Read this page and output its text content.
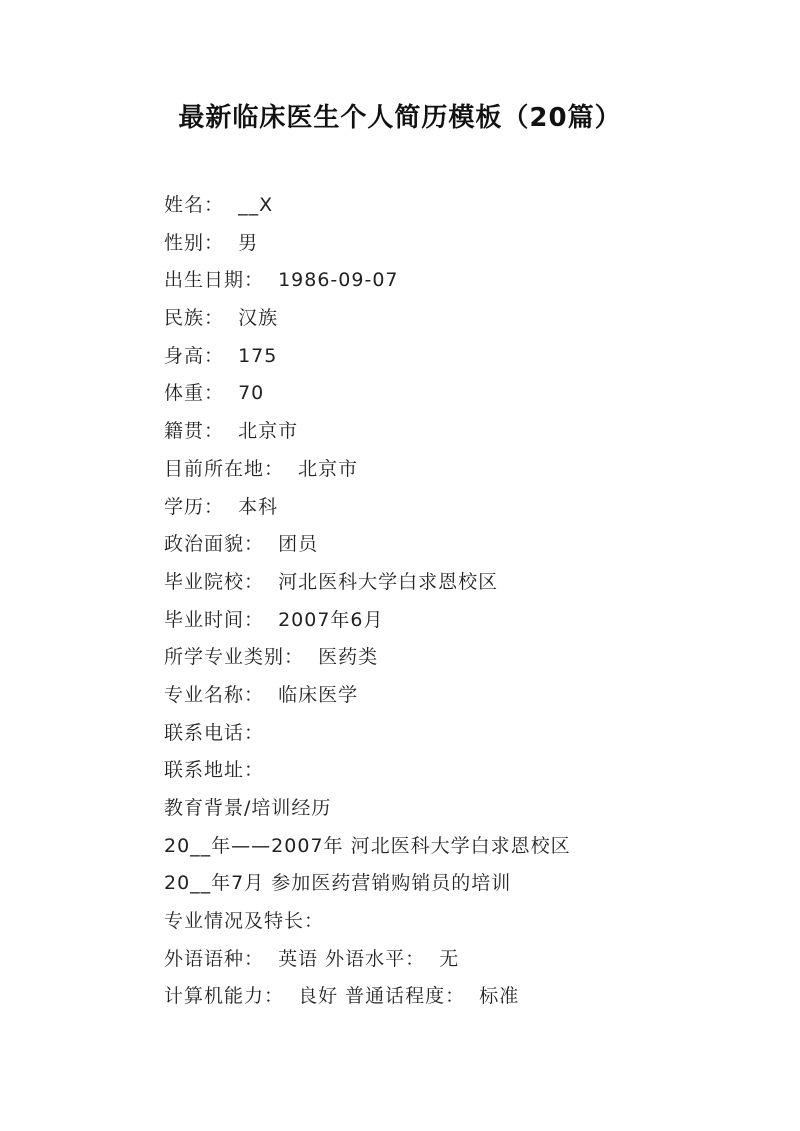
最新临床医生个人简历模板（20篇）
姓名：  __X
性别：  男
出生日期：  1986-09-07
民族：  汉族
身高：  175
体重：  70
籍贯：  北京市
目前所在地：  北京市
学历：  本科
政治面貌：  团员
毕业院校：  河北医科大学白求恩校区
毕业时间：  2007年6月
所学专业类别：  医药类
专业名称：  临床医学
联系电话：
联系地址：
教育背景/培训经历
20__年——2007年 河北医科大学白求恩校区
20__年7月 参加医药营销购销员的培训
专业情况及特长：
外语语种：  英语 外语水平：  无
计算机能力：  良好 普通话程度：  标准
